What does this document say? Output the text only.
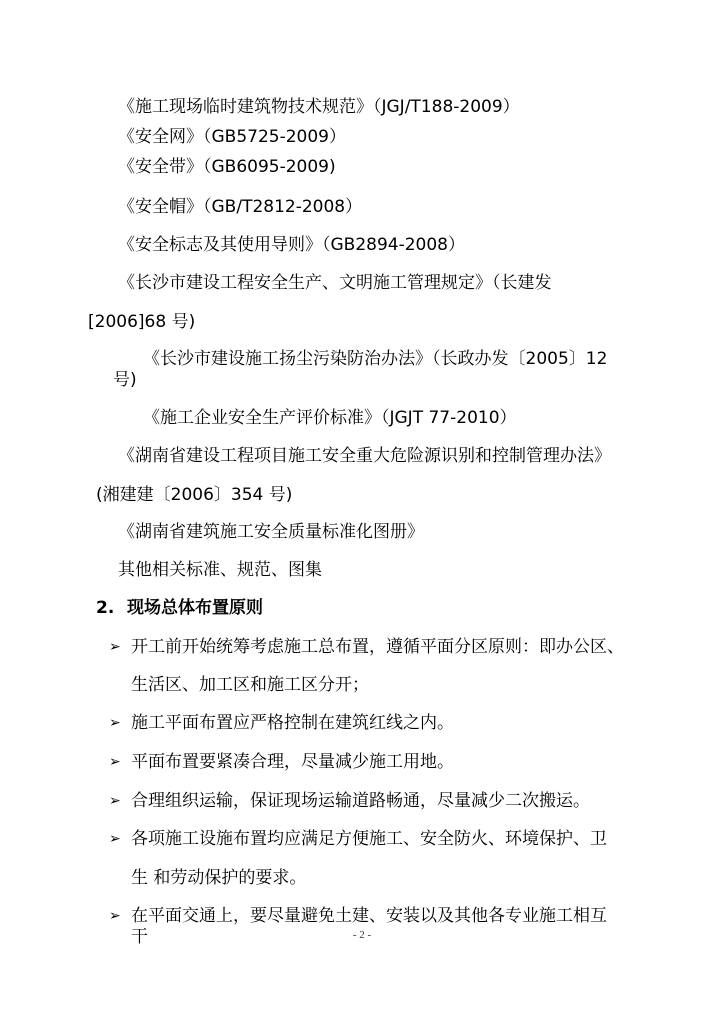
《施工现场临时建筑物技术规范》（JGJ/T188-2009）
《安全网》（GB5725-2009）
《安全带》（GB6095-2009)
《安全帽》（GB/T2812-2008）
《安全标志及其使用导则》（GB2894-2008）
《长沙市建设工程安全生产、文明施工管理规定》（长建发
[2006]68 号)
《长沙市建设施工扬尘污染防治办法》（长政办发〔2005〕12
号)
《施工企业安全生产评价标准》（JGJT 77-2010）
《湖南省建设工程项目施工安全重大危险源识别和控制管理办法》
(湘建建〔2006〕354 号)
《湖南省建筑施工安全质量标准化图册》
其他相关标准、规范、图集
2. 现场总体布置原则
➢ 开工前开始统筹考虑施工总布置，遵循平面分区原则：即办公区、
生活区、加工区和施工区分开；
➢ 施工平面布置应严格控制在建筑红线之内。
➢ 平面布置要紧凑合理，尽量减少施工用地。
➢ 合理组织运输，保证现场运输道路畅通，尽量减少二次搬运。
➢ 各项施工设施布置均应满足方便施工、安全防火、环境保护、卫
生 和劳动保护的要求。
➢ 在平面交通上，要尽量避免土建、安装以及其他各专业施工相互
干	- 2 -
